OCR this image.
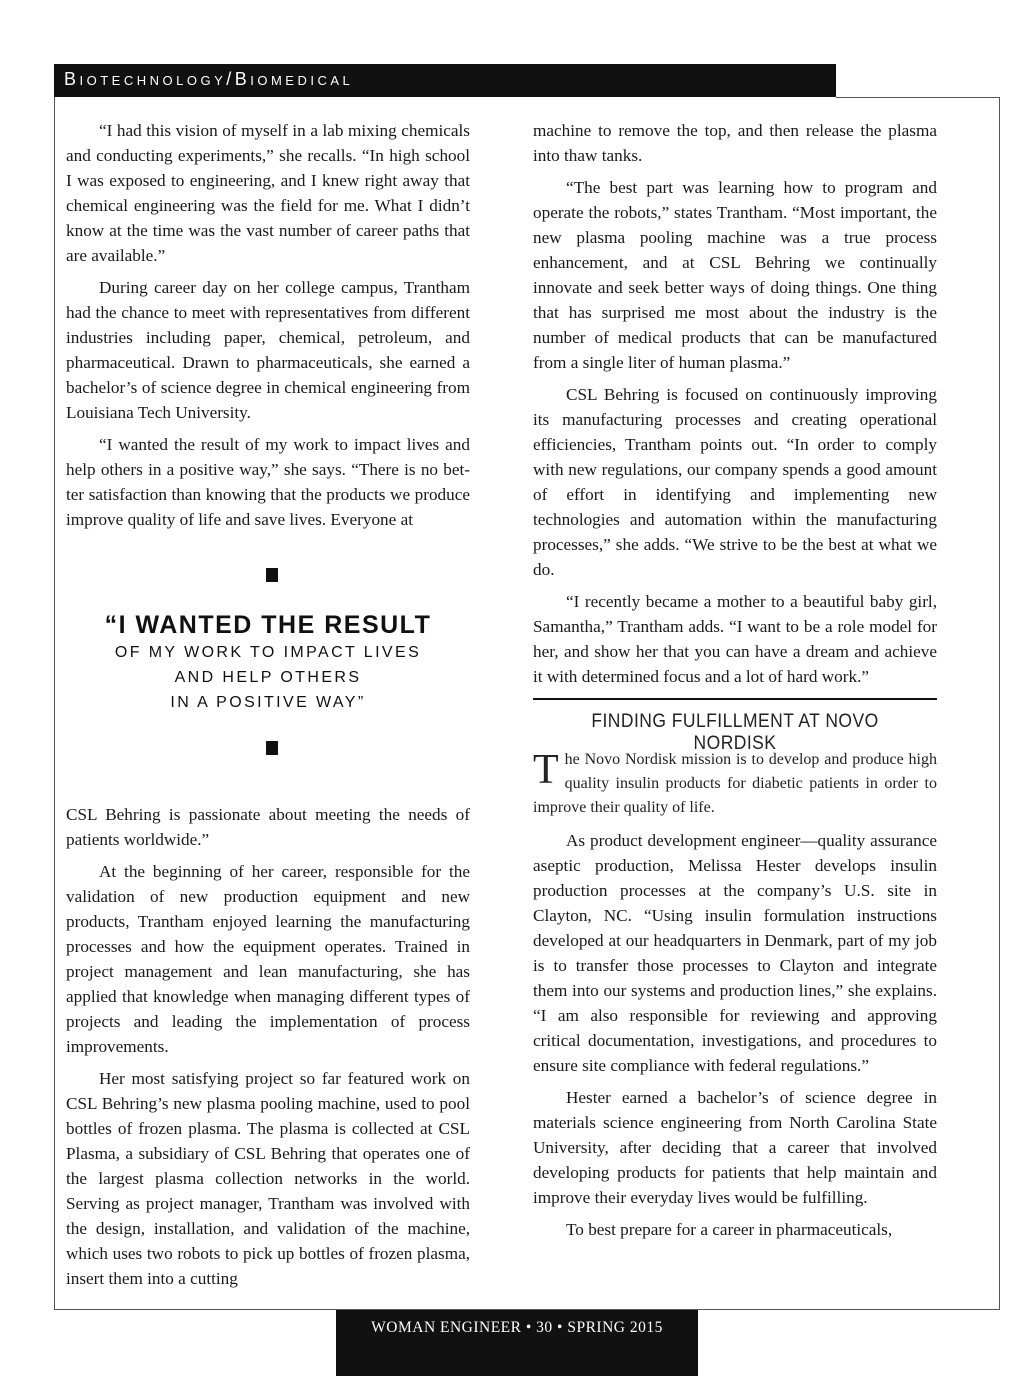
Biotechnology/Biomedical

“I had this vision of myself in a lab mixing chemicals and conducting experiments,” she recalls. “In high school I was exposed to engineering, and I knew right away that chemical engineering was the field for me. What I didn’t know at the time was the vast number of career paths that are available.”

During career day on her college campus, Trantham had the chance to meet with representatives from different industries including paper, chemical, petroleum, and pharmaceutical. Drawn to pharmaceuticals, she earned a bachelor’s of science degree in chemical engineering from Louisiana Tech University.

“I wanted the result of my work to impact lives and help others in a positive way,” she says. “There is no better satisfaction than knowing that the products we produce improve quality of life and save lives. Everyone at

“I WANTED THE RESULT
OF MY WORK TO IMPACT LIVES
AND HELP OTHERS
IN A POSITIVE WAY”

CSL Behring is passionate about meeting the needs of patients worldwide.”

At the beginning of her career, responsible for the validation of new production equipment and new products, Trantham enjoyed learning the manufacturing processes and how the equipment operates. Trained in project management and lean manufacturing, she has applied that knowledge when managing different types of projects and leading the implementation of process improvements.

Her most satisfying project so far featured work on CSL Behring’s new plasma pooling machine, used to pool bottles of frozen plasma. The plasma is collected at CSL Plasma, a subsidiary of CSL Behring that operates one of the largest plasma collection networks in the world. Serving as project manager, Trantham was involved with the design, installation, and validation of the machine, which uses two robots to pick up bottles of frozen plasma, insert them into a cutting

machine to remove the top, and then release the plasma into thaw tanks.

“The best part was learning how to program and operate the robots,” states Trantham. “Most important, the new plasma pooling machine was a true process enhancement, and at CSL Behring we continually innovate and seek better ways of doing things. One thing that has surprised me most about the industry is the number of medical products that can be manufactured from a single liter of human plasma.”

CSL Behring is focused on continuously improving its manufacturing processes and creating operational efficiencies, Trantham points out. “In order to comply with new regulations, our company spends a good amount of effort in identifying and implementing new technologies and automation within the manufacturing processes,” she adds. “We strive to be the best at what we do.

“I recently became a mother to a beautiful baby girl, Samantha,” Trantham adds. “I want to be a role model for her, and show her that you can have a dream and achieve it with determined focus and a lot of hard work.”

FINDING FULFILLMENT AT NOVO NORDISK
The Novo Nordisk mission is to develop and produce high quality insulin products for diabetic patients in order to improve their quality of life.

As product development engineer—quality assurance aseptic production, Melissa Hester develops insulin production processes at the company’s U.S. site in Clayton, NC. “Using insulin formulation instructions developed at our headquarters in Denmark, part of my job is to transfer those processes to Clayton and integrate them into our systems and production lines,” she explains. “I am also responsible for reviewing and approving critical documentation, investigations, and procedures to ensure site compliance with federal regulations.”

Hester earned a bachelor’s of science degree in materials science engineering from North Carolina State University, after deciding that a career that involved developing products for patients that help maintain and improve their everyday lives would be fulfilling.

To best prepare for a career in pharmaceuticals,

WOMAN ENGINEER • 30 • SPRING 2015
